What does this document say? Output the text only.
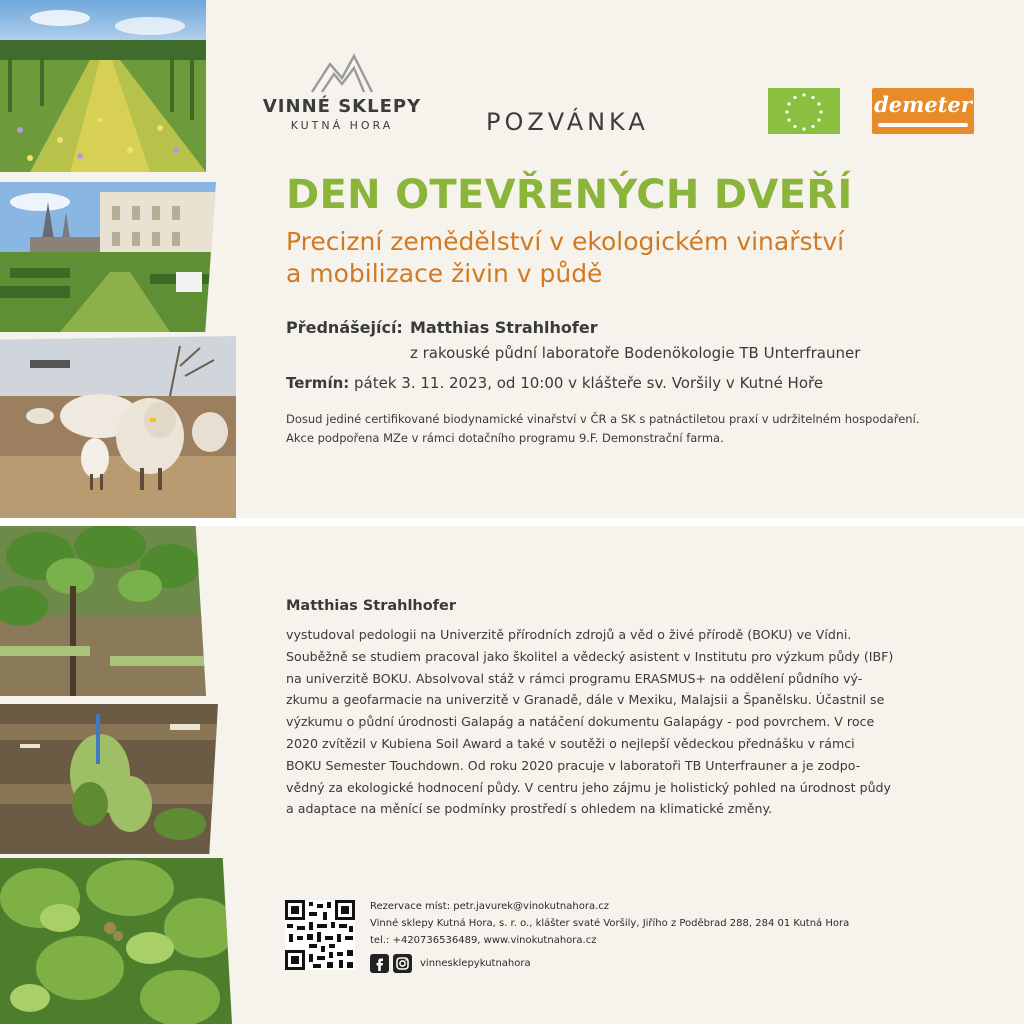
VINNÉ SKLEPY
KUTNÁ HORA	POZVÁNKA
demeter
DEN OTEVŘENÝCH DVEŘÍ
Precizní zemědělství v ekologickém vinařství
a mobilizace živin v půdě
Přednášející: Matthias Strahlhofer
z rakouské půdní laboratoře Bodenökologie TB Unterfrauner
Termín: pátek 3. 11. 2023, od 10:00 v klášteře sv. Voršily v Kutné Hoře
Dosud jediné certifikované biodynamické vinařství v ČR a SK s patnáctiletou praxí v udržitelném hospodaření.
Akce podpořena MZe v rámci dotačního programu 9.F. Demonstrační farma.
Matthias Strahlhofer
vystudoval pedologii na Univerzitě přírodních zdrojů a věd o živé přírodě (BOKU) ve Vídni.
Souběžně se studiem pracoval jako školitel a vědecký asistent v Institutu pro výzkum půdy (IBF)
na univerzitě BOKU. Absolvoval stáž v rámci programu ERASMUS+ na oddělení půdního vý-
zkumu a geofarmacie na univerzitě v Granadě, dále v Mexiku, Malajsii a Španělsku. Účastnil se
výzkumu o půdní úrodnosti Galapág a natáčení dokumentu Galapágy - pod povrchem. V roce
2020 zvítězil v Kubiena Soil Award a také v soutěži o nejlepší vědeckou přednášku v rámci
BOKU Semester Touchdown. Od roku 2020 pracuje v laboratoři TB Unterfrauner a je zodpo-
vědný za ekologické hodnocení půdy. V centru jeho zájmu je holistický pohled na úrodnost půdy
a adaptace na měnící se podmínky prostředí s ohledem na klimatické změny.
Rezervace míst: petr.javurek@vinokutnahora.cz
Vinné sklepy Kutná Hora, s. r. o., klášter svaté Voršily, Jiřího z Poděbrad 288, 284 01 Kutná Hora
tel.: +420736536489, www.vinokutnahora.cz
vinnesklepykutnahora
